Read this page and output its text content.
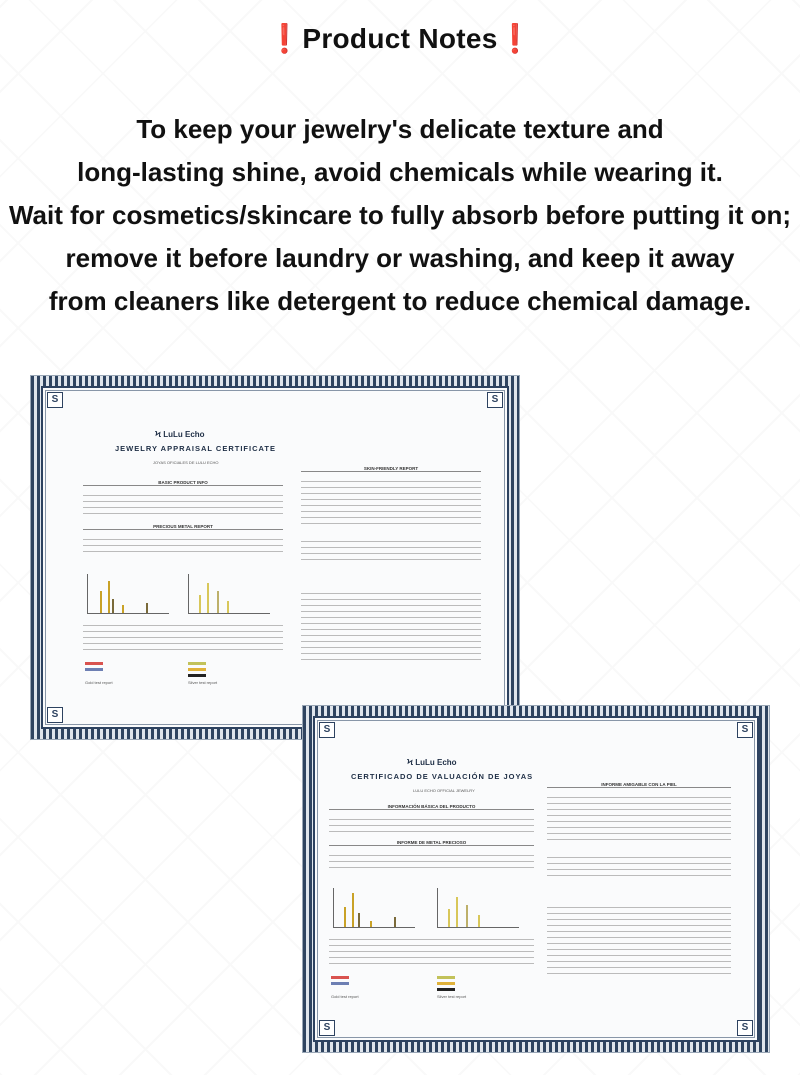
❗Product Notes❗
To keep your jewelry's delicate texture and
long-lasting shine, avoid chemicals while wearing it.
Wait for cosmetics/skincare to fully absorb before putting it on;
remove it before laundry or washing, and keep it away
from cleaners like detergent to reduce chemical damage.
S	S
S
Ϟ LuLu Echo
JEWELRY APPRAISAL CERTIFICATE
JOYAS OFICIALES DE LULU ECHO
BASIC PRODUCT INFO
PRECIOUS METAL REPORT
Gold test report	Silver test report
SKIN-FRIENDLY REPORT
S	S
S	S
Ϟ LuLu Echo
CERTIFICADO DE VALUACIÓN DE JOYAS
LULU ECHO OFFICIAL JEWELRY
INFORMACIÓN BÁSICA DEL PRODUCTO
INFORME DE METAL PRECIOSO
Gold test report	Silver test report
INFORME AMIGABLE CON LA PIEL
